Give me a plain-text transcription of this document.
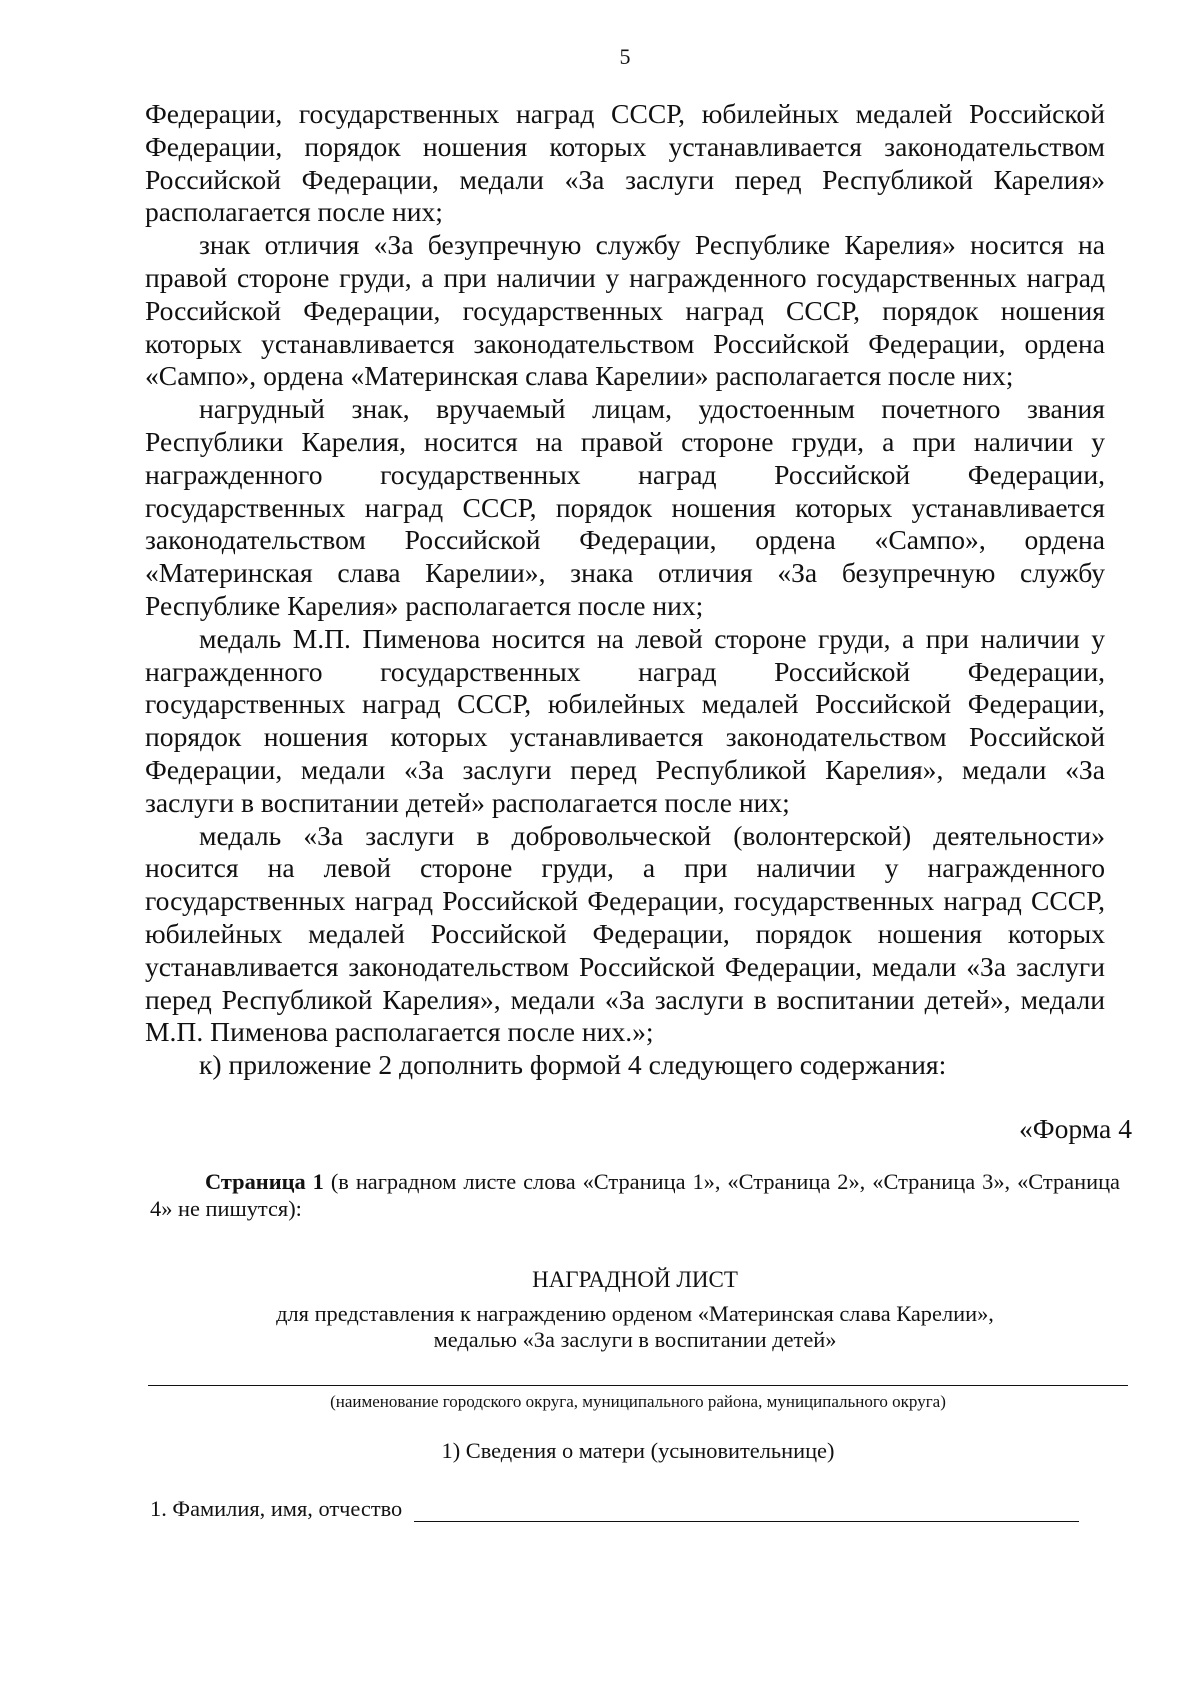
5

Федерации, государственных наград СССР, юбилейных медалей Российской Федерации, порядок ношения которых устанавливается законодательством Российской Федерации, медали «За заслуги перед Республикой Карелия» располагается после них;

знак отличия «За безупречную службу Республике Карелия» носится на правой стороне груди, а при наличии у награжденного государственных наград Российской Федерации, государственных наград СССР, порядок ношения которых устанавливается законодательством Российской Федерации, ордена «Сампо», ордена «Материнская слава Карелии» располагается после них;

нагрудный знак, вручаемый лицам, удостоенным почетного звания Республики Карелия, носится на правой стороне груди, а при наличии у награжденного государственных наград Российской Федерации, государственных наград СССР, порядок ношения которых устанавливается законодательством Российской Федерации, ордена «Сампо», ордена «Материнская слава Карелии», знака отличия «За безупречную службу Республике Карелия» располагается после них;

медаль М.П. Пименова носится на левой стороне груди, а при наличии у награжденного государственных наград Российской Федерации, государственных наград СССР, юбилейных медалей Российской Федерации, порядок ношения которых устанавливается законодательством Российской Федерации, медали «За заслуги перед Республикой Карелия», медали «За заслуги в воспитании детей» располагается после них;

медаль «За заслуги в добровольческой (волонтерской) деятельности» носится на левой стороне груди, а при наличии у награжденного государственных наград Российской Федерации, государственных наград СССР, юбилейных медалей Российской Федерации, порядок ношения которых устанавливается законодательством Российской Федерации, медали «За заслуги перед Республикой Карелия», медали «За заслуги в воспитании детей», медали М.П. Пименова располагается после них.»;

к) приложение 2 дополнить формой 4 следующего содержания:

«Форма 4
Страница 1 (в наградном листе слова «Страница 1», «Страница 2», «Страница 3», «Страница 4» не пишутся):
НАГРАДНОЙ ЛИСТ
для представления к награждению орденом «Материнская слава Карелии»,
медалью «За заслуги в воспитании детей»
(наименование городского округа, муниципального района, муниципального округа)
1) Сведения о матери (усыновительнице)
1. Фамилия, имя, отчество
